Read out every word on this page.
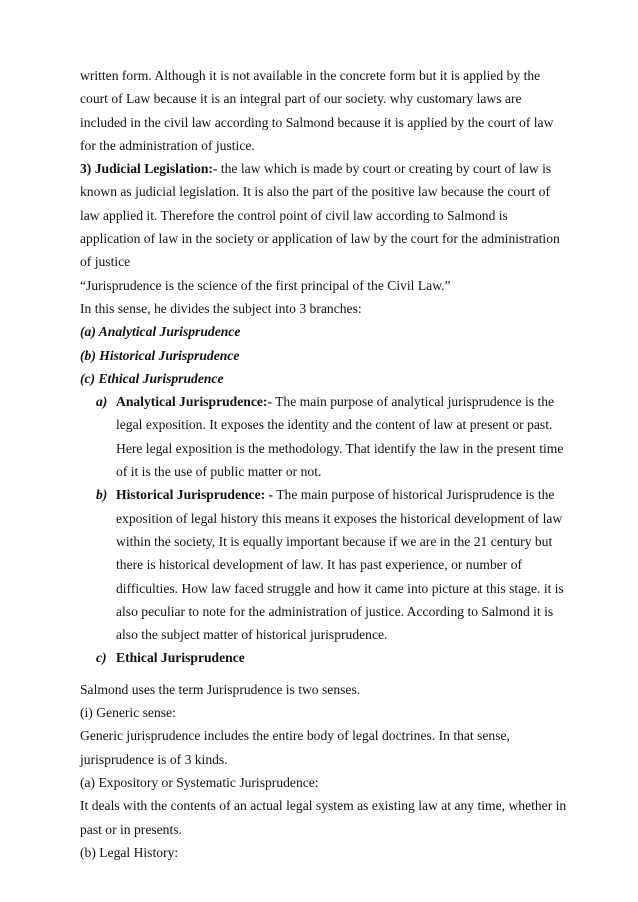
written form. Although it is not available in the concrete form but it is applied by the court of Law because it is an integral part of our society. why customary laws are included in the civil law according to Salmond because it is applied by the court of law for the administration of justice.

3) Judicial Legislation:- the law which is made by court or creating by court of law is known as judicial legislation. It is also the part of the positive law because the court of law applied it. Therefore the control point of civil law according to Salmond is application of law in the society or application of law by the court for the administration of justice

“Jurisprudence is the science of the first principal of the Civil Law.”

In this sense, he divides the subject into 3 branches:

(a) Analytical Jurisprudence

(b) Historical Jurisprudence

(c) Ethical Jurisprudence

a) Analytical Jurisprudence:- The main purpose of analytical jurisprudence is the legal exposition. It exposes the identity and the content of law at present or past. Here legal exposition is the methodology. That identify the law in the present time of it is the use of public matter or not.

b) Historical Jurisprudence: - The main purpose of historical Jurisprudence is the exposition of legal history this means it exposes the historical development of law within the society, It is equally important because if we are in the 21 century but there is historical development of law. It has past experience, or number of difficulties. How law faced struggle and how it came into picture at this stage. it is also peculiar to note for the administration of justice. According to Salmond it is also the subject matter of historical jurisprudence.

c) Ethical Jurisprudence

Salmond uses the term Jurisprudence is two senses.

(i) Generic sense:

Generic jurisprudence includes the entire body of legal doctrines. In that sense, jurisprudence is of 3 kinds.

(a) Expository or Systematic Jurisprudence:

It deals with the contents of an actual legal system as existing law at any time, whether in past or in presents.

(b) Legal History:
